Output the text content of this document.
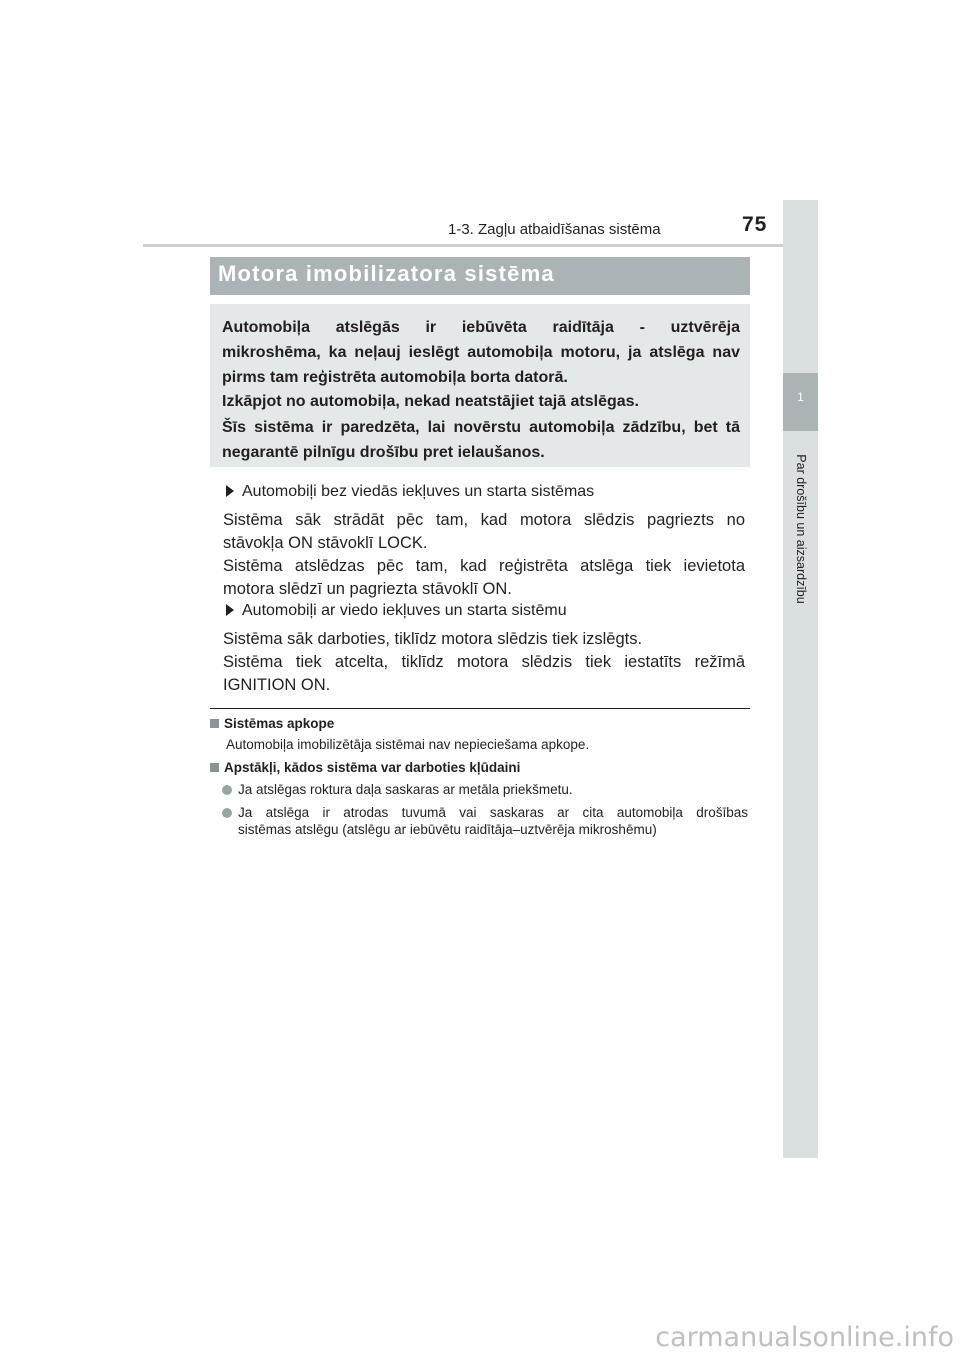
1-3. Zagļu atbaidīšanas sistēma	75
1
Par drošību un aizsardzību
Motora imobilizatora sistēma
Automobiļa atslēgās ir iebūvēta raidītāja - uztvērēja
mikroshēma, ka neļauj ieslēgt automobiļa motoru, ja atslēga nav
pirms tam reģistrēta automobiļa borta datorā.
Izkāpjot no automobiļa, nekad neatstājiet tajā atslēgas.
Šīs sistēma ir paredzēta, lai novērstu automobiļa zādzību, bet tā
negarantē pilnīgu drošību pret ielaušanos.
Automobiļi bez viedās iekļuves un starta sistēmas
Sistēma sāk strādāt pēc tam, kad motora slēdzis pagriezts no
stāvokļa ON stāvoklī LOCK.
Sistēma atslēdzas pēc tam, kad reģistrēta atslēga tiek ievietota
motora slēdzī un pagriezta stāvoklī ON.
Automobiļi ar viedo iekļuves un starta sistēmu
Sistēma sāk darboties, tiklīdz motora slēdzis tiek izslēgts.
Sistēma tiek atcelta, tiklīdz motora slēdzis tiek iestatīts režīmā
IGNITION ON.
Sistēmas apkope
Automobiļa imobilizētāja sistēmai nav nepieciešama apkope.
Apstākļi, kādos sistēma var darboties kļūdaini
Ja atslēgas roktura daļa saskaras ar metāla priekšmetu.
Ja atslēga ir atrodas tuvumā vai saskaras ar cita automobiļa drošības
sistēmas atslēgu (atslēgu ar iebūvētu raidītāja–uztvērēja mikroshēmu)
carmanualsonline.info
